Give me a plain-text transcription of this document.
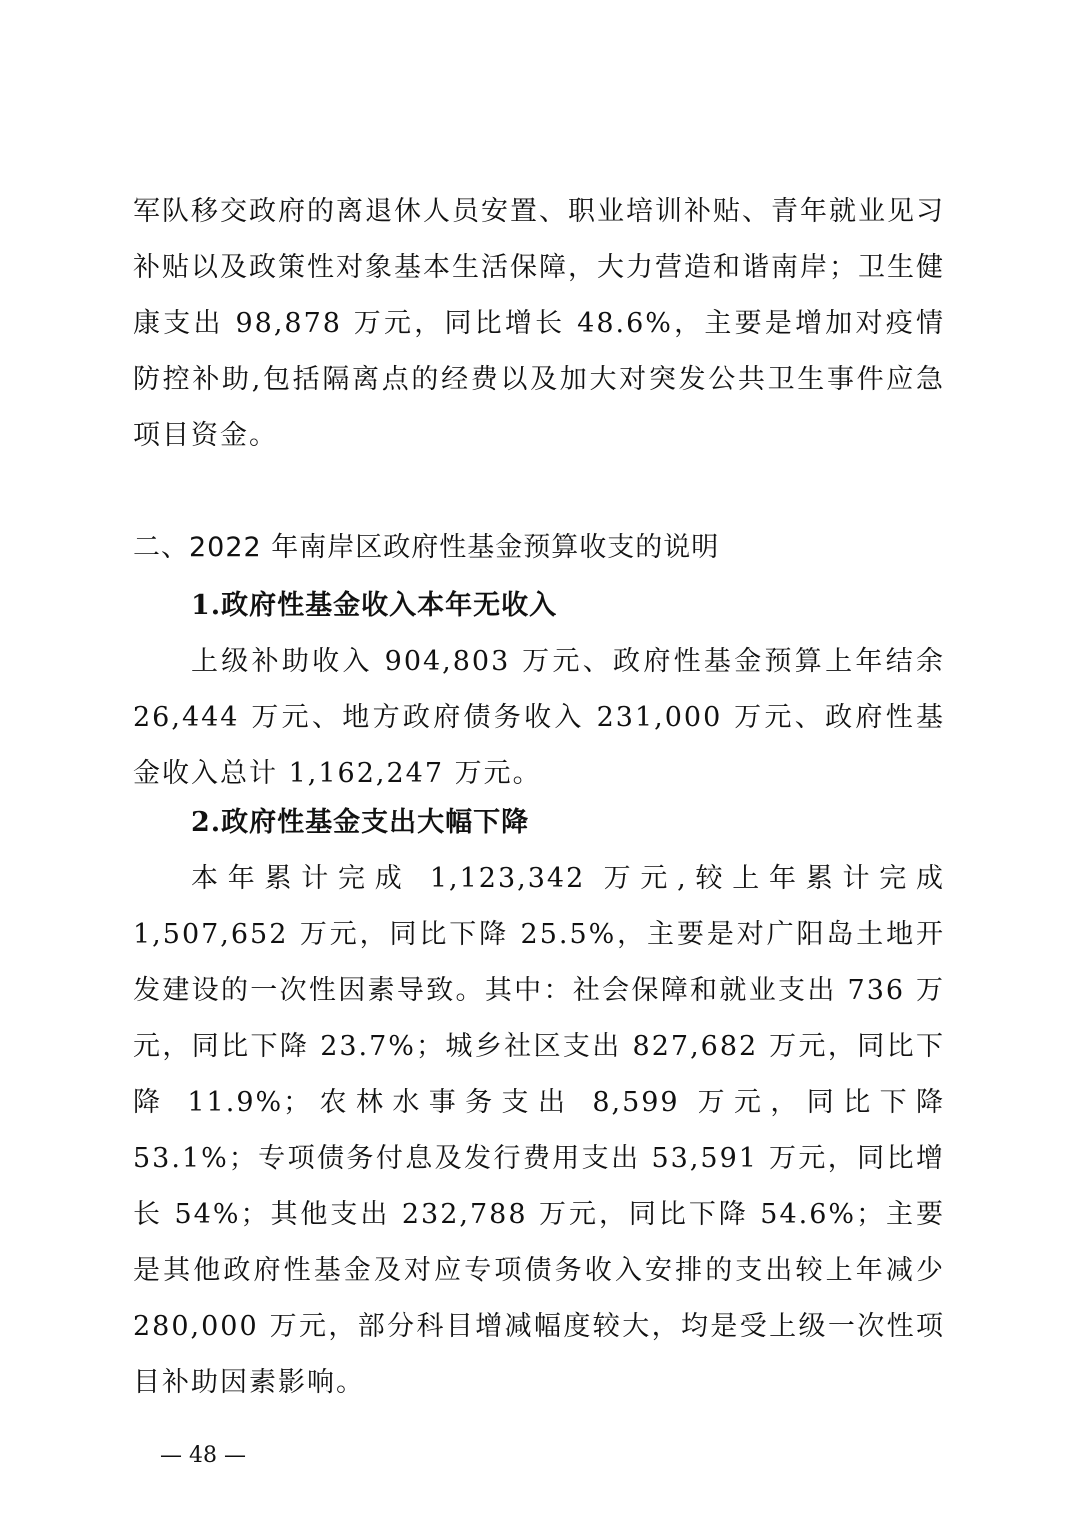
军队移交政府的离退休人员安置、职业培训补贴、青年就业见习补贴以及政策性对象基本生活保障，大力营造和谐南岸；卫生健康支出 98,878 万元，同比增长 48.6%，主要是增加对疫情防控补助,包括隔离点的经费以及加大对突发公共卫生事件应急项目资金。

二、2022 年南岸区政府性基金预算收支的说明

1.政府性基金收入本年无收入

上级补助收入 904,803 万元、政府性基金预算上年结余 26,444 万元、地方政府债务收入 231,000 万元、政府性基金收入总计 1,162,247 万元。

2.政府性基金支出大幅下降

本年累计完成 1,123,342 万元,较上年累计完成 1,507,652 万元，同比下降 25.5%，主要是对广阳岛土地开发建设的一次性因素导致。其中：社会保障和就业支出 736 万元，同比下降 23.7%；城乡社区支出 827,682 万元，同比下降 11.9%；农林水事务支出 8,599 万元，同比下降 53.1%；专项债务付息及发行费用支出 53,591 万元，同比增长 54%；其他支出 232,788 万元，同比下降 54.6%；主要是其他政府性基金及对应专项债务收入安排的支出较上年减少 280,000 万元，部分科目增减幅度较大，均是受上级一次性项目补助因素影响。

— 48 —
